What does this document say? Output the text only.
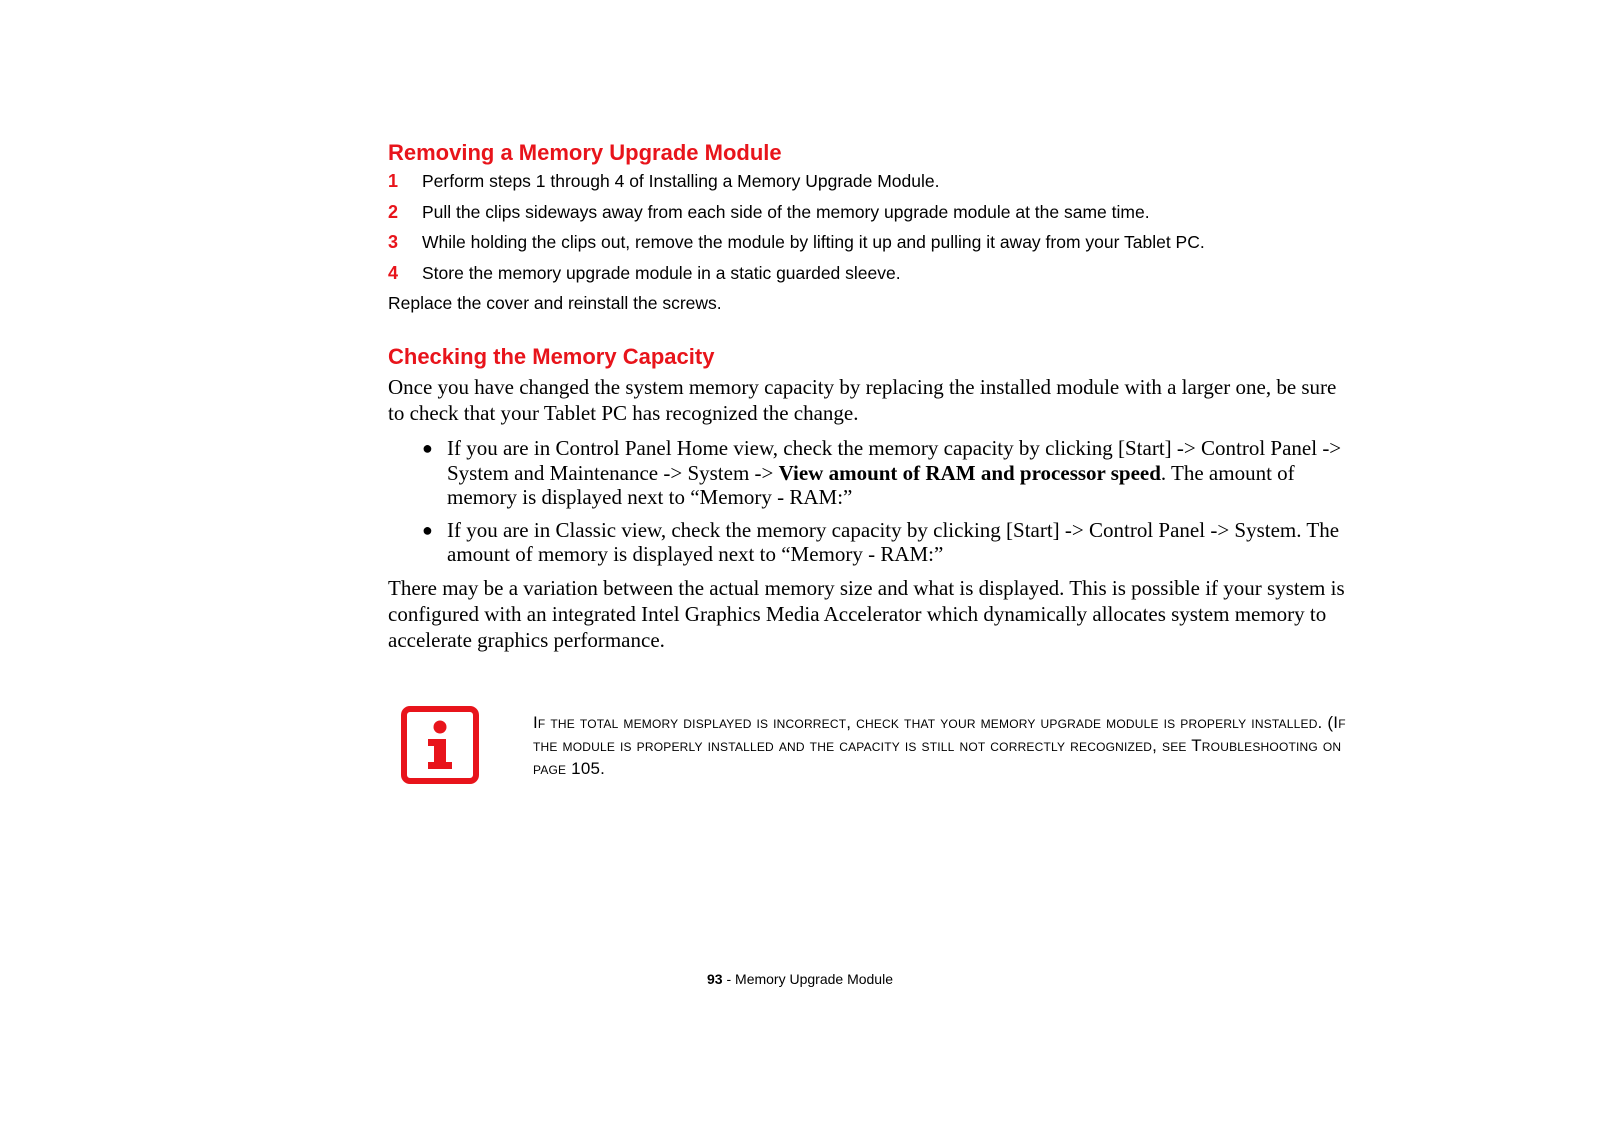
Removing a Memory Upgrade Module
1	Perform steps 1 through 4 of Installing a Memory Upgrade Module.
2	Pull the clips sideways away from each side of the memory upgrade module at the same time.
3	While holding the clips out, remove the module by lifting it up and pulling it away from your Tablet PC.
4	Store the memory upgrade module in a static guarded sleeve.

Replace the cover and reinstall the screws.

Checking the Memory Capacity

Once you have changed the system memory capacity by replacing the installed module with a larger one, be sure to check that your Tablet PC has recognized the change.

● If you are in Control Panel Home view, check the memory capacity by clicking [Start] -> Control Panel -> System and Maintenance -> System -> View amount of RAM and processor speed. The amount of memory is displayed next to “Memory - RAM:”
● If you are in Classic view, check the memory capacity by clicking [Start] -> Control Panel -> System. The amount of memory is displayed next to “Memory - RAM:”

There may be a variation between the actual memory size and what is displayed. This is possible if your system is configured with an integrated Intel Graphics Media Accelerator which dynamically allocates system memory to accelerate graphics performance.

If the total memory displayed is incorrect, check that your memory upgrade module is properly installed. (If the module is properly installed and the capacity is still not correctly recognized, see Troubleshooting on page 105.
93 - Memory Upgrade Module
